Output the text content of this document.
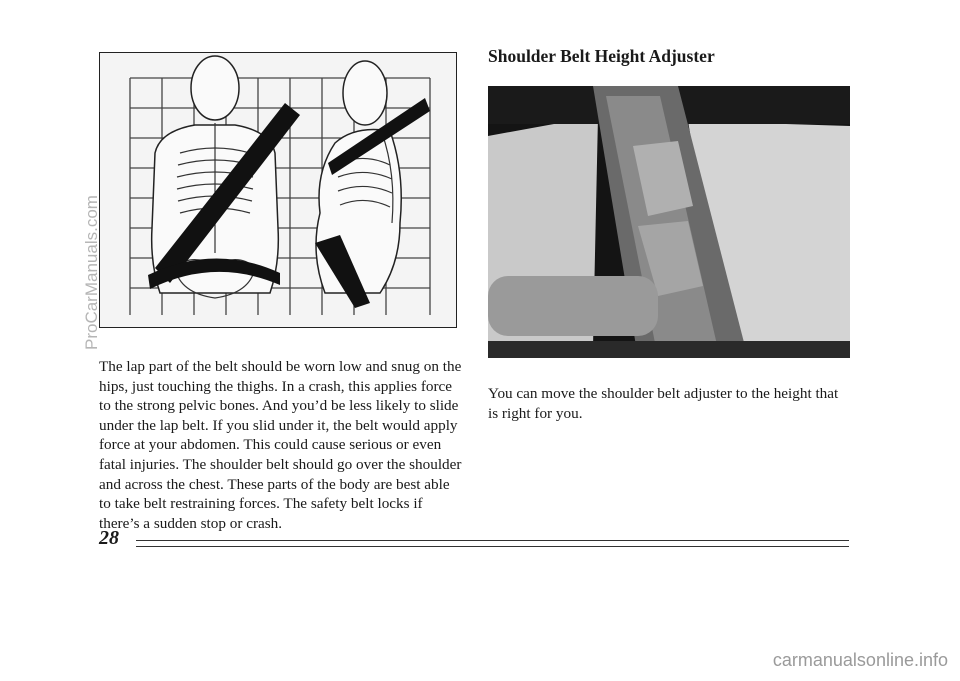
The lap part of the belt should be worn low and snug on the hips, just touching the thighs. In a crash, this applies force to the strong pelvic bones. And you’d be less likely to slide under the lap belt. If you slid under it, the belt would apply force at your abdomen. This could cause serious or even fatal injuries. The shoulder belt should go over the shoulder and across the chest. These parts of the body are best able to take belt restraining forces. The safety belt locks if there’s a sudden stop or crash.

Shoulder Belt Height Adjuster

You can move the shoulder belt adjuster to the height that is right for you.

28
ProCarManuals.com
carmanualsonline.info
